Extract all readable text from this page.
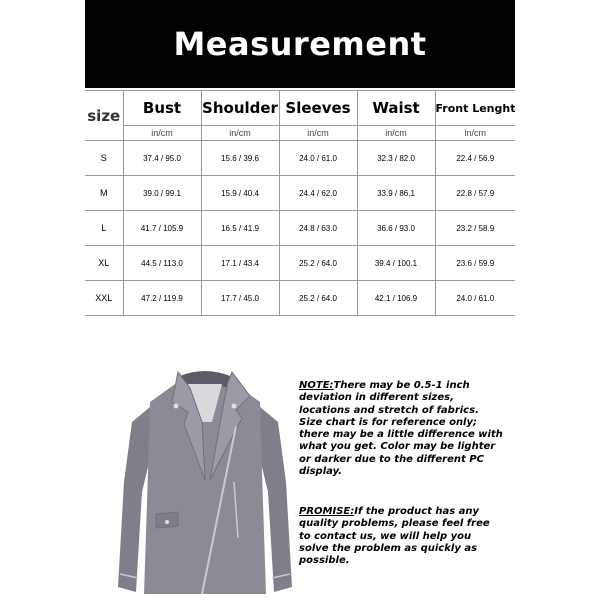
Measurement
size	Bust	Shoulder	Sleeves	Waist	Front Lenght
	in/cm	in/cm	in/cm	in/cm	in/cm
S	37.4 / 95.0	15.6 / 39.6	24.0 / 61.0	32.3 / 82.0	22.4 / 56.9
M	39.0 / 99.1	15.9 / 40.4	24.4 / 62.0	33.9 / 86.1	22.8 / 57.9
L	41.7 / 105.9	16.5 / 41.9	24.8 / 63.0	36.6 / 93.0	23.2 / 58.9
XL	44.5 / 113.0	17.1 / 43.4	25.2 / 64.0	39.4 / 100.1	23.6 / 59.9
XXL	47.2 / 119.9	17.7 / 45.0	25.2 / 64.0	42.1 / 106.9	24.0 / 61.0
NOTE:There may be 0.5-1 inch deviation in different sizes, locations and stretch of fabrics. Size chart is for reference only; there may be a little difference with what you get. Color may be lighter or darker due to the different PC display.
PROMISE:If the product has any quality problems, please feel free to contact us, we will help you solve the problem as quickly as possible.
